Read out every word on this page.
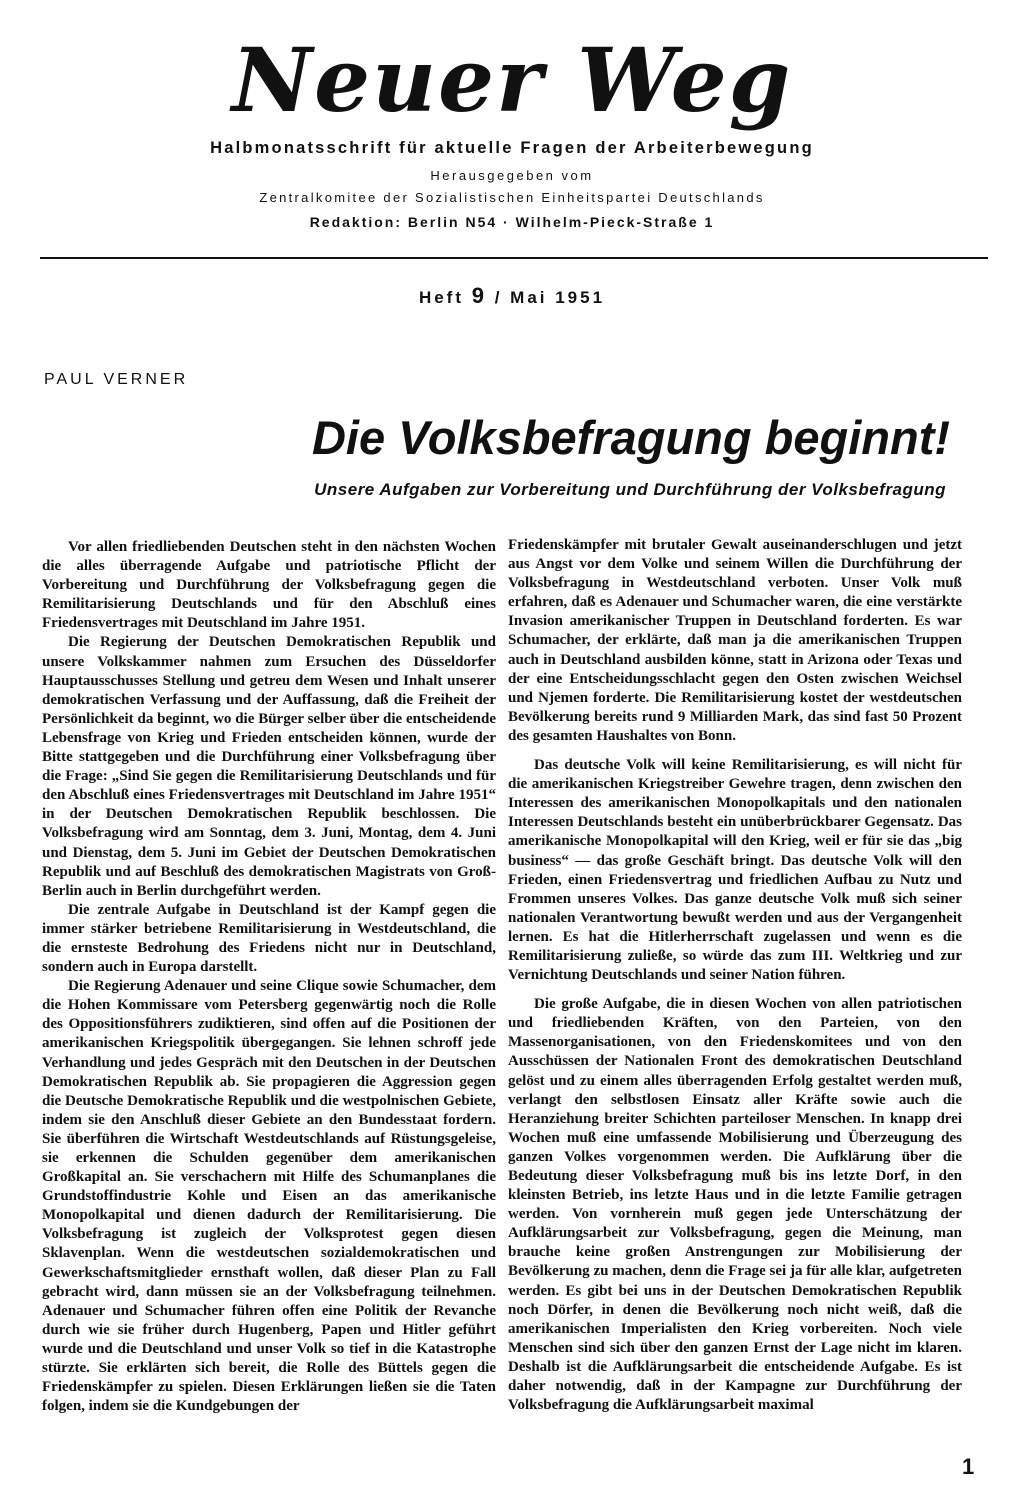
Neuer Weg
Halbmonatsschrift für aktuelle Fragen der Arbeiterbewegung
Herausgegeben vom
Zentralkomitee der Sozialistischen Einheitspartei Deutschlands
Redaktion: Berlin N54 · Wilhelm-Pieck-Straße 1
Heft 9 / Mai 1951
PAUL VERNER
Die Volksbefragung beginnt!
Unsere Aufgaben zur Vorbereitung und Durchführung der Volksbefragung

Vor allen friedliebenden Deutschen steht in den nächsten Wochen die alles überragende Aufgabe und patriotische Pflicht der Vorbereitung und Durchführung der Volksbefragung gegen die Remilitarisierung Deutschlands und für den Abschluß eines Friedensvertrages mit Deutschland im Jahre 1951.

Die Regierung der Deutschen Demokratischen Republik und unsere Volkskammer nahmen zum Ersuchen des Düsseldorfer Hauptausschusses Stellung und getreu dem Wesen und Inhalt unserer demokratischen Verfassung und der Auffassung, daß die Freiheit der Persönlichkeit da beginnt, wo die Bürger selber über die entscheidende Lebensfrage von Krieg und Frieden entscheiden können, wurde der Bitte stattgegeben und die Durchführung einer Volksbefragung über die Frage: „Sind Sie gegen die Remilitarisierung Deutschlands und für den Abschluß eines Friedensvertrages mit Deutschland im Jahre 1951“ in der Deutschen Demokratischen Republik beschlossen. Die Volksbefragung wird am Sonntag, dem 3. Juni, Montag, dem 4. Juni und Dienstag, dem 5. Juni im Gebiet der Deutschen Demokratischen Republik und auf Beschluß des demokratischen Magistrats von Groß-Berlin auch in Berlin durchgeführt werden.

Die zentrale Aufgabe in Deutschland ist der Kampf gegen die immer stärker betriebene Remilitarisierung in Westdeutschland, die die ernsteste Bedrohung des Friedens nicht nur in Deutschland, sondern auch in Europa darstellt.

Die Regierung Adenauer und seine Clique sowie Schumacher, dem die Hohen Kommissare vom Petersberg gegenwärtig noch die Rolle des Oppositionsführers zudiktieren, sind offen auf die Positionen der amerikanischen Kriegspolitik übergegangen. Sie lehnen schroff jede Verhandlung und jedes Gespräch mit den Deutschen in der Deutschen Demokratischen Republik ab. Sie propagieren die Aggression gegen die Deutsche Demokratische Republik und die westpolnischen Gebiete, indem sie den Anschluß dieser Gebiete an den Bundesstaat fordern. Sie überführen die Wirtschaft Westdeutschlands auf Rüstungsgeleise, sie erkennen die Schulden gegenüber dem amerikanischen Großkapital an. Sie verschachern mit Hilfe des Schumanplanes die Grundstoffindustrie Kohle und Eisen an das amerikanische Monopolkapital und dienen dadurch der Remilitarisierung. Die Volksbefragung ist zugleich der Volksprotest gegen diesen Sklavenplan. Wenn die westdeutschen sozialdemokratischen und Gewerkschaftsmitglieder ernsthaft wollen, daß dieser Plan zu Fall gebracht wird, dann müssen sie an der Volksbefragung teilnehmen. Adenauer und Schumacher führen offen eine Politik der Revanche durch wie sie früher durch Hugenberg, Papen und Hitler geführt wurde und die Deutschland und unser Volk so tief in die Katastrophe stürzte. Sie erklärten sich bereit, die Rolle des Büttels gegen die Friedenskämpfer zu spielen. Diesen Erklärungen ließen sie die Taten folgen, indem sie die Kundgebungen der

Friedenskämpfer mit brutaler Gewalt auseinanderschlugen und jetzt aus Angst vor dem Volke und seinem Willen die Durchführung der Volksbefragung in Westdeutschland verboten. Unser Volk muß erfahren, daß es Adenauer und Schumacher waren, die eine verstärkte Invasion amerikanischer Truppen in Deutschland forderten. Es war Schumacher, der erklärte, daß man ja die amerikanischen Truppen auch in Deutschland ausbilden könne, statt in Arizona oder Texas und der eine Entscheidungsschlacht gegen den Osten zwischen Weichsel und Njemen forderte. Die Remilitarisierung kostet der westdeutschen Bevölkerung bereits rund 9 Milliarden Mark, das sind fast 50 Prozent des gesamten Haushaltes von Bonn.

Das deutsche Volk will keine Remilitarisierung, es will nicht für die amerikanischen Kriegstreiber Gewehre tragen, denn zwischen den Interessen des amerikanischen Monopolkapitals und den nationalen Interessen Deutschlands besteht ein unüberbrückbarer Gegensatz. Das amerikanische Monopolkapital will den Krieg, weil er für sie das „big business“ — das große Geschäft bringt. Das deutsche Volk will den Frieden, einen Friedensvertrag und friedlichen Aufbau zu Nutz und Frommen unseres Volkes. Das ganze deutsche Volk muß sich seiner nationalen Verantwortung bewußt werden und aus der Vergangenheit lernen. Es hat die Hitlerherrschaft zugelassen und wenn es die Remilitarisierung zuließe, so würde das zum III. Weltkrieg und zur Vernichtung Deutschlands und seiner Nation führen.

Die große Aufgabe, die in diesen Wochen von allen patriotischen und friedliebenden Kräften, von den Parteien, von den Massenorganisationen, von den Friedenskomitees und von den Ausschüssen der Nationalen Front des demokratischen Deutschland gelöst und zu einem alles überragenden Erfolg gestaltet werden muß, verlangt den selbstlosen Einsatz aller Kräfte sowie auch die Heranziehung breiter Schichten parteiloser Menschen. In knapp drei Wochen muß eine umfassende Mobilisierung und Überzeugung des ganzen Volkes vorgenommen werden. Die Aufklärung über die Bedeutung dieser Volksbefragung muß bis ins letzte Dorf, in den kleinsten Betrieb, ins letzte Haus und in die letzte Familie getragen werden. Von vornherein muß gegen jede Unterschätzung der Aufklärungsarbeit zur Volksbefragung, gegen die Meinung, man brauche keine großen Anstrengungen zur Mobilisierung der Bevölkerung zu machen, denn die Frage sei ja für alle klar, aufgetreten werden. Es gibt bei uns in der Deutschen Demokratischen Republik noch Dörfer, in denen die Bevölkerung noch nicht weiß, daß die amerikanischen Imperialisten den Krieg vorbereiten. Noch viele Menschen sind sich über den ganzen Ernst der Lage nicht im klaren. Deshalb ist die Aufklärungsarbeit die entscheidende Aufgabe. Es ist daher notwendig, daß in der Kampagne zur Durchführung der Volksbefragung die Aufklärungsarbeit maximal

1
